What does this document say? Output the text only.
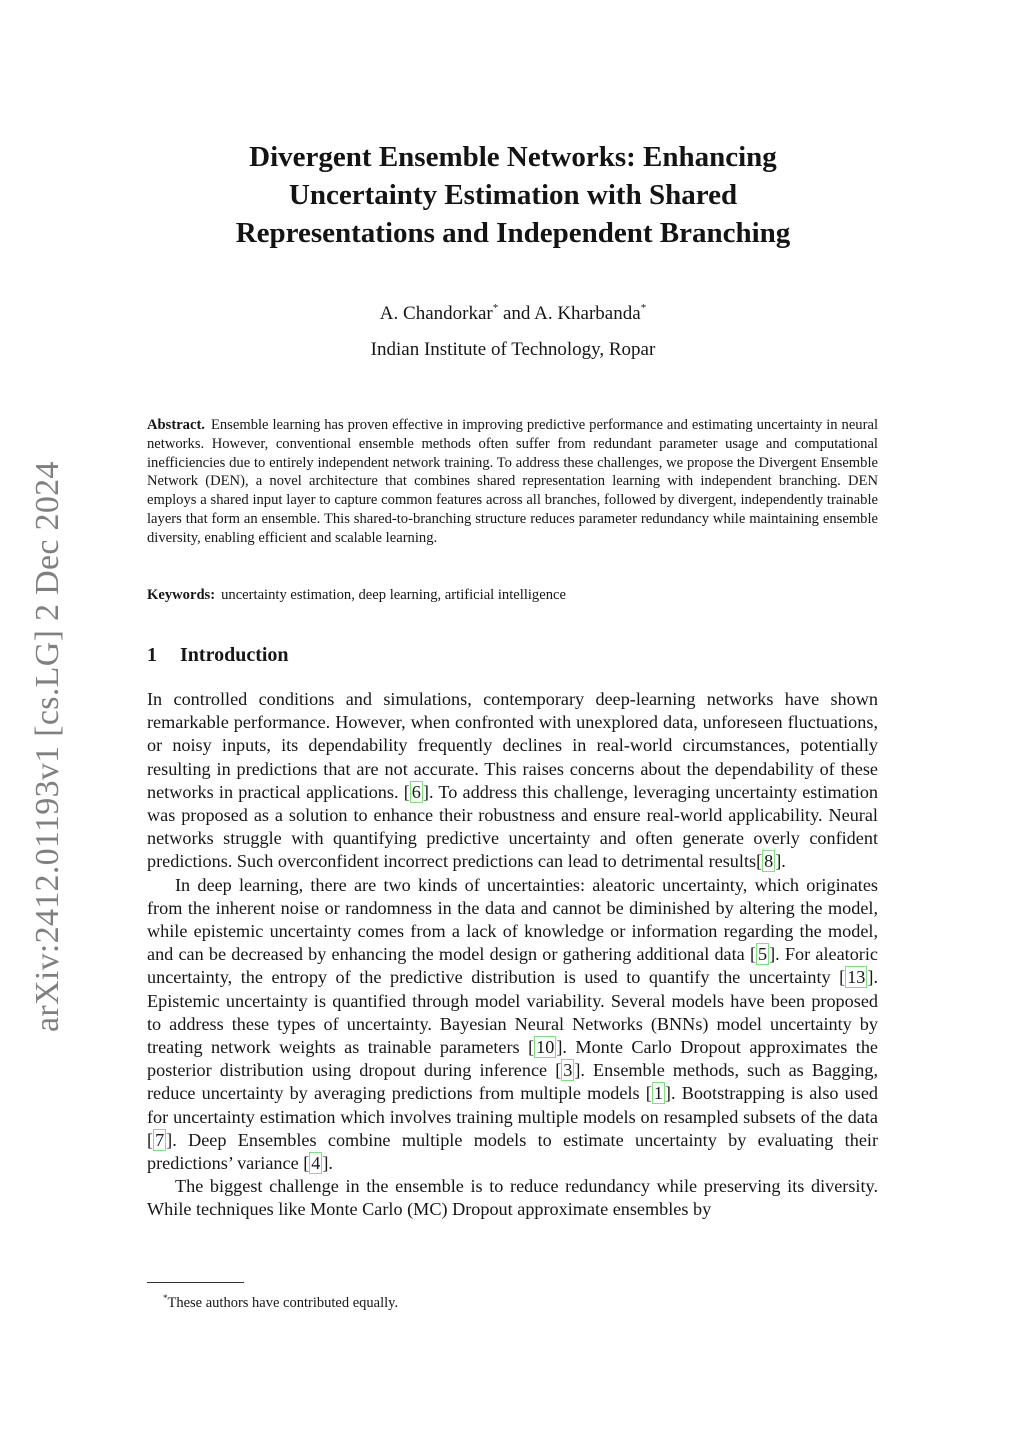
arXiv:2412.01193v1 [cs.LG] 2 Dec 2024
Divergent Ensemble Networks: Enhancing
Uncertainty Estimation with Shared
Representations and Independent Branching
A. Chandorkar* and A. Kharbanda*
Indian Institute of Technology, Ropar
Abstract. Ensemble learning has proven effective in improving predictive performance and estimating uncertainty in neural networks. However, conventional ensemble methods often suffer from redundant parameter usage and computational inefficiencies due to entirely independent network training. To address these challenges, we propose the Divergent Ensemble Network (DEN), a novel architecture that combines shared representation learning with independent branching. DEN employs a shared input layer to capture common features across all branches, followed by divergent, independently trainable layers that form an ensemble. This shared-to-branching structure reduces parameter redundancy while maintaining ensemble diversity, enabling efficient and scalable learning.
Keywords: uncertainty estimation, deep learning, artificial intelligence
1 Introduction

In controlled conditions and simulations, contemporary deep-learning networks have shown remarkable performance. However, when confronted with unexplored data, unforeseen fluctuations, or noisy inputs, its dependability frequently declines in real-world circumstances, potentially resulting in predictions that are not accurate. This raises concerns about the dependability of these networks in practical applications. [ 6 ]. To address this challenge, leveraging uncertainty estimation was proposed as a solution to enhance their robustness and ensure real-world applicability. Neural networks struggle with quantifying predictive uncertainty and often generate overly confident predictions. Such overconfident incorrect predictions can lead to detrimental results[ 8 ].

In deep learning, there are two kinds of uncertainties: aleatoric uncertainty, which originates from the inherent noise or randomness in the data and cannot be diminished by altering the model, while epistemic uncertainty comes from a lack of knowledge or information regarding the model, and can be decreased by enhancing the model design or gathering additional data [ 5 ]. For aleatoric uncertainty, the entropy of the predictive distribution is used to quantify the uncertainty [ 13 ]. Epistemic uncertainty is quantified through model variability. Several models have been proposed to address these types of uncertainty. Bayesian Neural Networks (BNNs) model uncertainty by treating network weights as trainable parameters [ 10 ]. Monte Carlo Dropout approximates the posterior distribution using dropout during inference [ 3 ]. Ensemble methods, such as Bagging, reduce uncertainty by averaging predictions from multiple models [ 1 ]. Bootstrapping is also used for uncertainty estimation which involves training multiple models on resampled subsets of the data [ 7 ]. Deep Ensembles combine multiple models to estimate uncertainty by evaluating their predictions’ variance [ 4 ].

The biggest challenge in the ensemble is to reduce redundancy while preserving its diversity. While techniques like Monte Carlo (MC) Dropout approximate ensembles by

*These authors have contributed equally.
